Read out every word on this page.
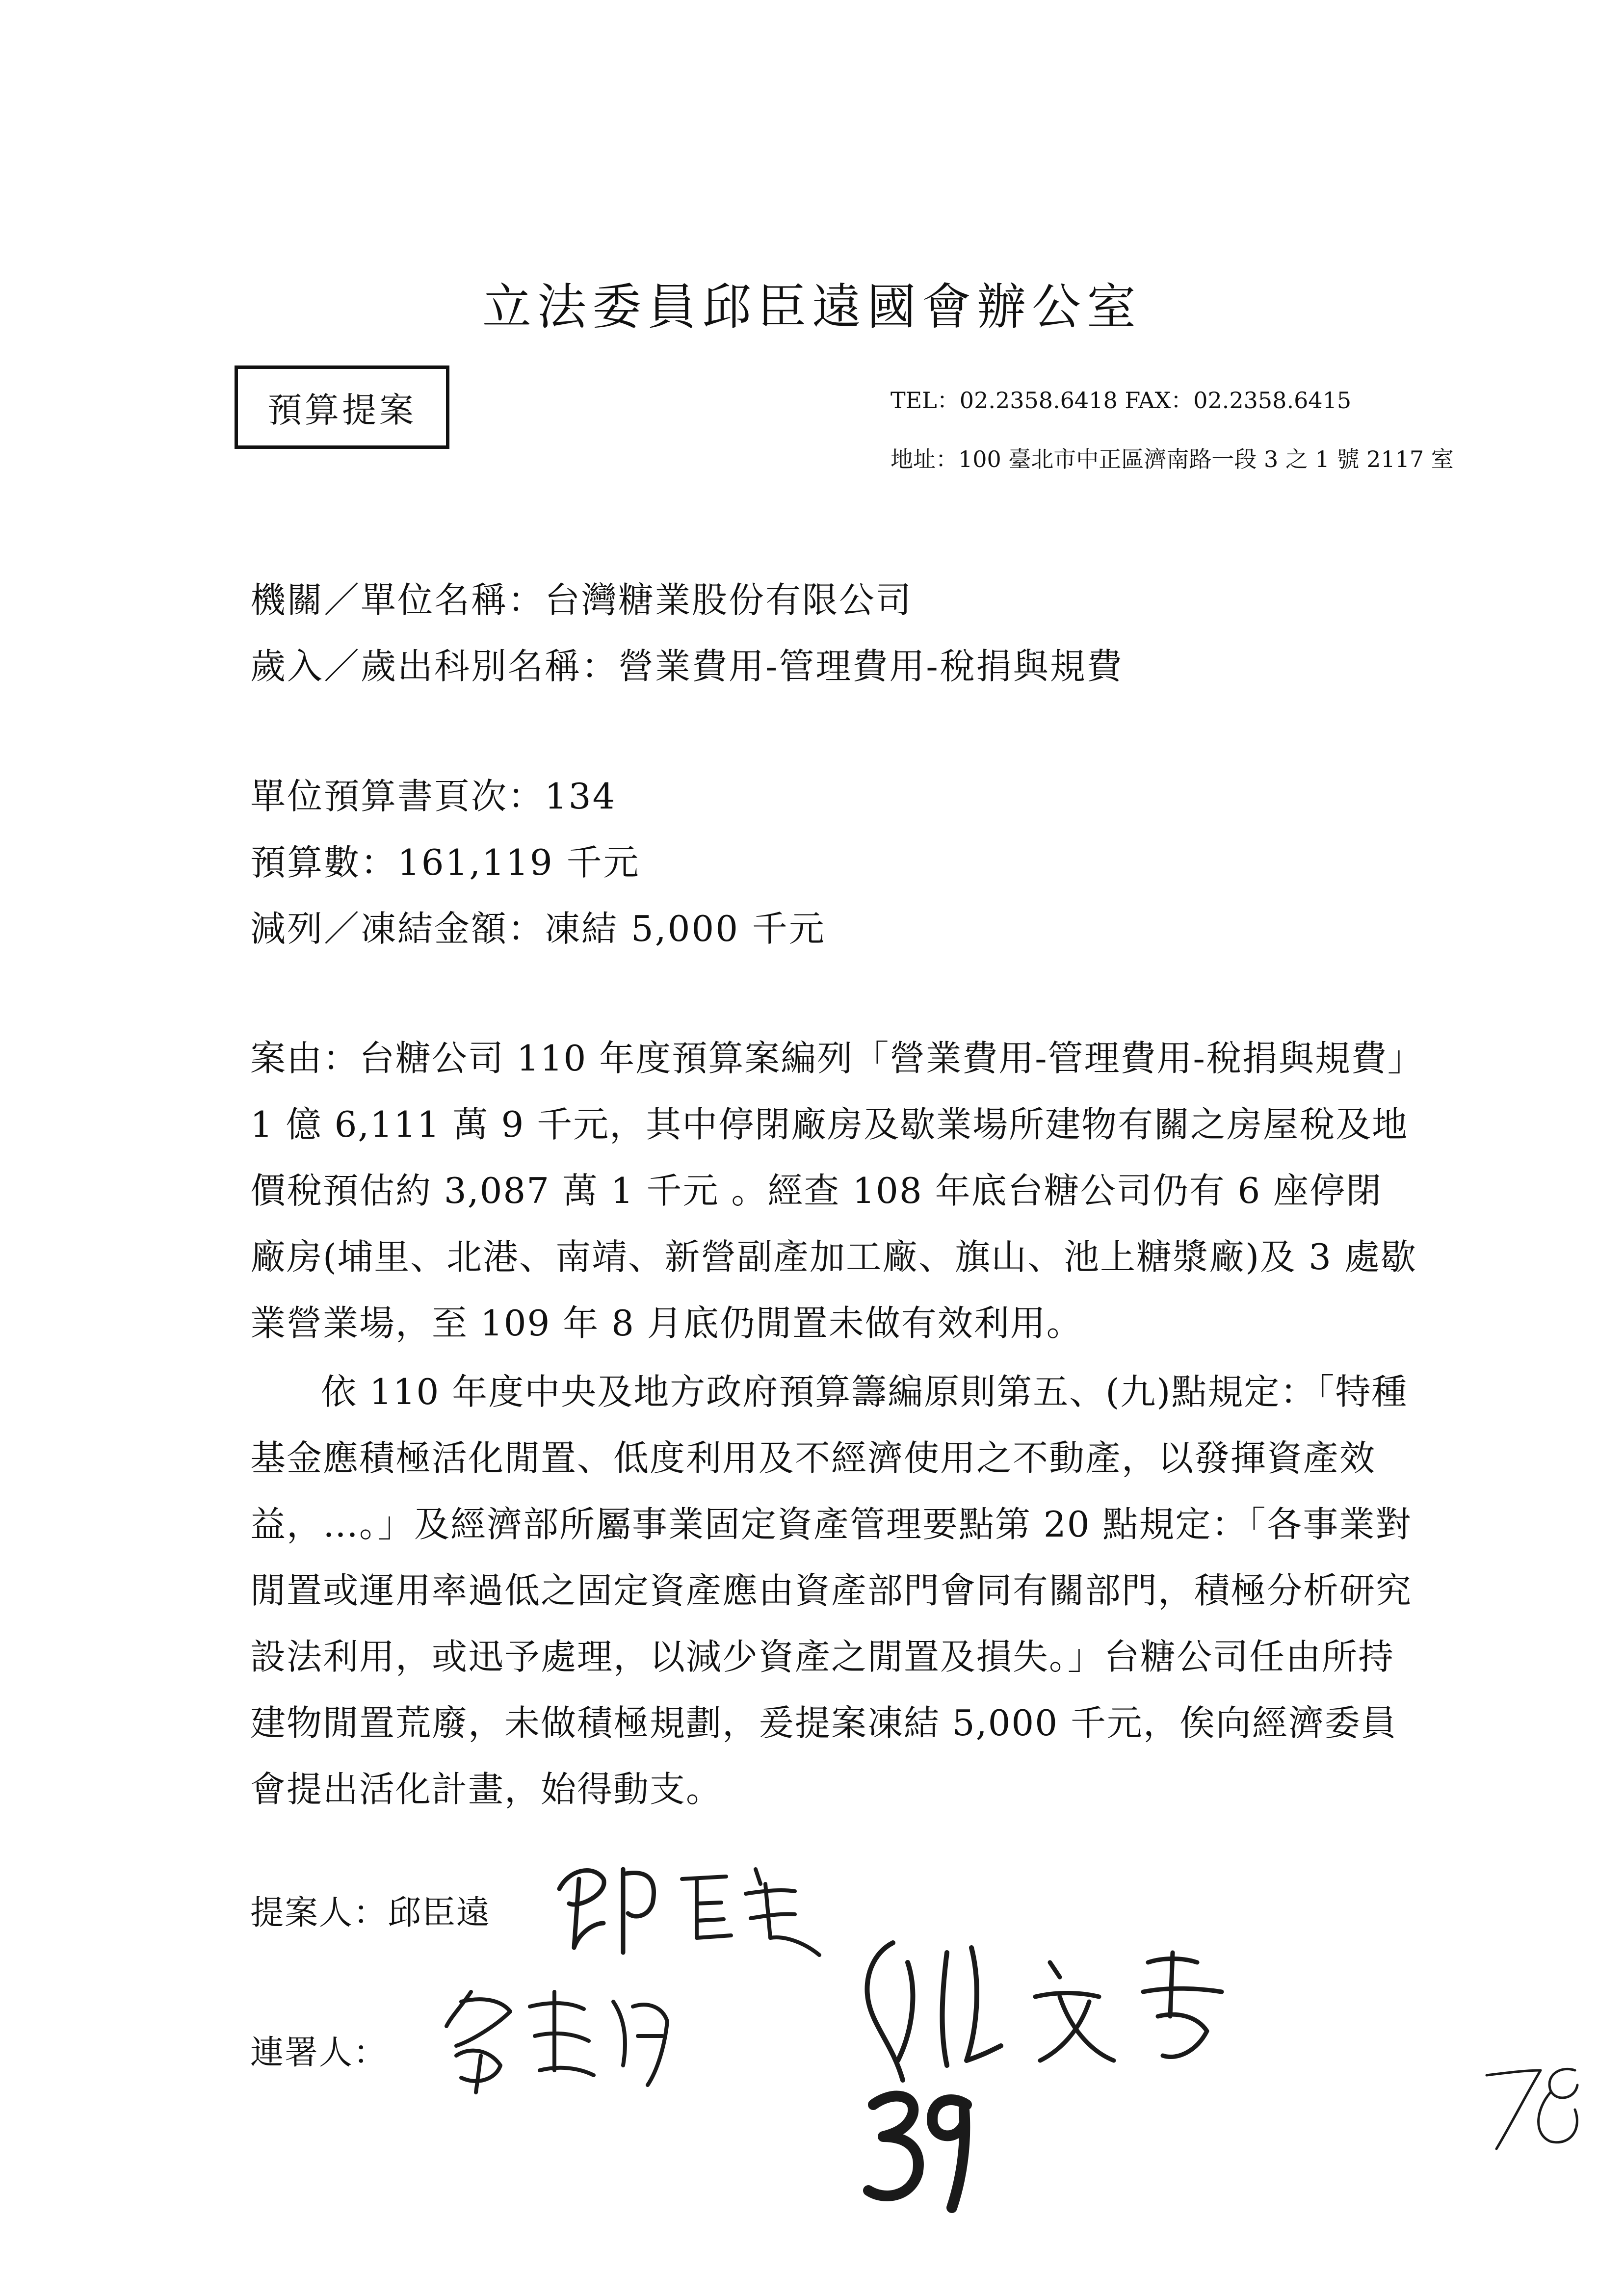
立法委員邱臣遠國會辦公室
預算提案	TEL：02.2358.6418 FAX：02.2358.6415
地址：100 臺北市中正區濟南路一段 3 之 1 號 2117 室
機關／單位名稱：台灣糖業股份有限公司
歲入／歲出科別名稱：營業費用-管理費用-稅捐與規費
單位預算書頁次：134
預算數：161,119 千元
減列／凍結金額：凍結 5,000 千元
案由：台糖公司 110 年度預算案編列「營業費用-管理費用-稅捐與規費」1 億 6,111 萬 9 千元，其中停閉廠房及歇業場所建物有關之房屋稅及地價稅預估約 3,087 萬 1 千元 。經查 108 年底台糖公司仍有 6 座停閉廠房(埔里、北港、南靖、新營副產加工廠、旗山、池上糖漿廠)及 3 處歇業營業場，至 109 年 8 月底仍閒置未做有效利用。
依 110 年度中央及地方政府預算籌編原則第五、(九)點規定：「特種基金應積極活化閒置、低度利用及不經濟使用之不動產，以發揮資產效益，…。」及經濟部所屬事業固定資產管理要點第 20 點規定：「各事業對閒置或運用率過低之固定資產應由資產部門會同有關部門，積極分析研究設法利用，或迅予處理，以減少資產之閒置及損失。」台糖公司任由所持建物閒置荒廢，未做積極規劃，爰提案凍結 5,000 千元，俟向經濟委員會提出活化計畫，始得動支。
提案人：邱臣遠
連署人：
